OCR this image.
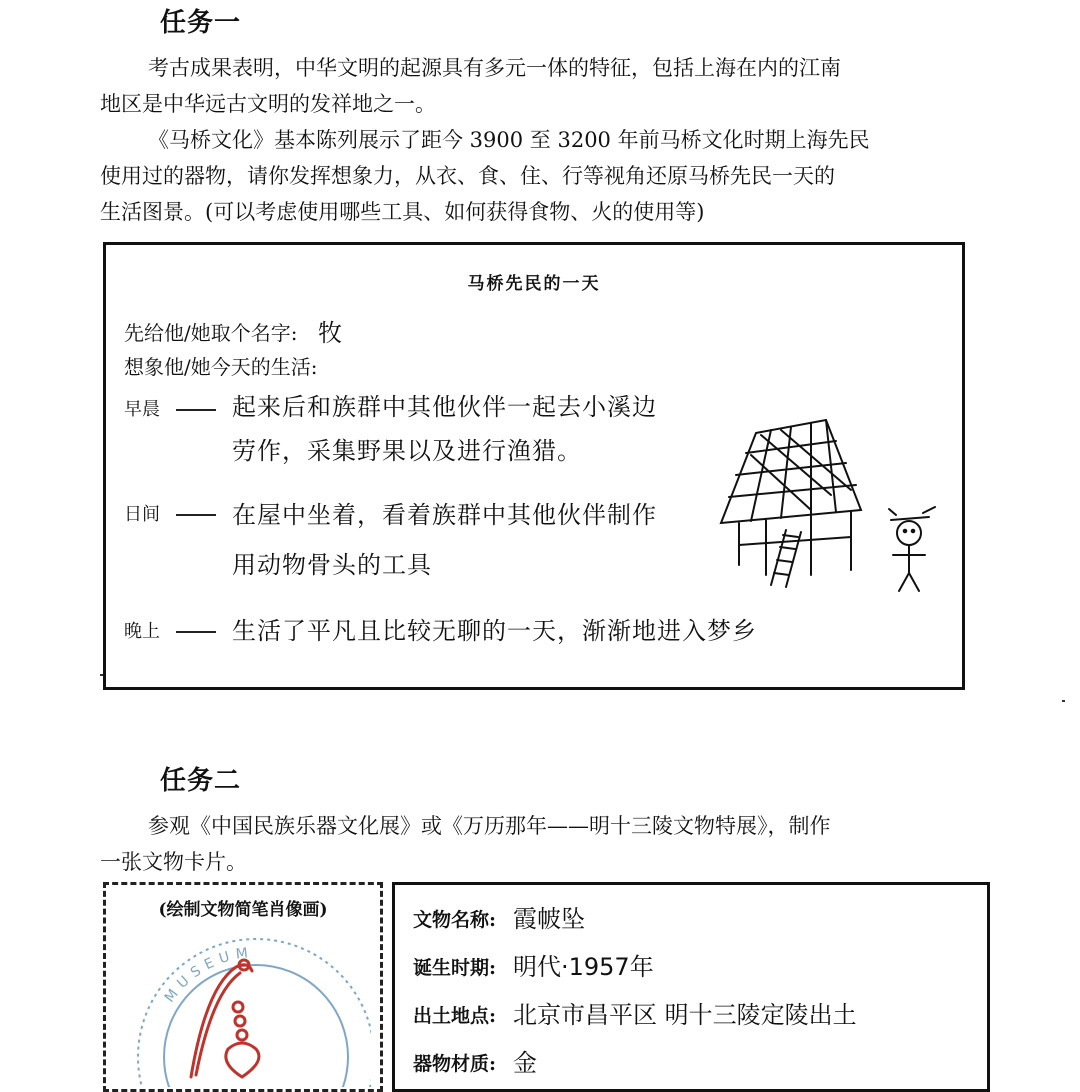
任务一

考古成果表明，中华文明的起源具有多元一体的特征，包括上海在内的江南

地区是中华远古文明的发祥地之一。

《马桥文化》基本陈列展示了距今 3900 至 3200 年前马桥文化时期上海先民

使用过的器物，请你发挥想象力，从衣、食、住、行等视角还原马桥先民一天的

生活图景。(可以考虑使用哪些工具、如何获得食物、火的使用等)

马桥先民的一天
先给他/她取个名字: 牧
想象他/她今天的生活:
早晨	起来后和族群中其他伙伴一起去小溪边
劳作，采集野果以及进行渔猎。
日间	在屋中坐着，看着族群中其他伙伴制作
用动物骨头的工具
晚上	生活了平凡且比较无聊的一天，渐渐地进入梦乡
任务二

参观《中国民族乐器文化展》或《万历那年——明十三陵文物特展》，制作

一张文物卡片。

(绘制文物简笔肖像画)
MUSEUM
文物名称: 霞帔坠
诞生时期: 明代·1957年
出土地点: 北京市昌平区 明十三陵定陵出土
器物材质: 金
